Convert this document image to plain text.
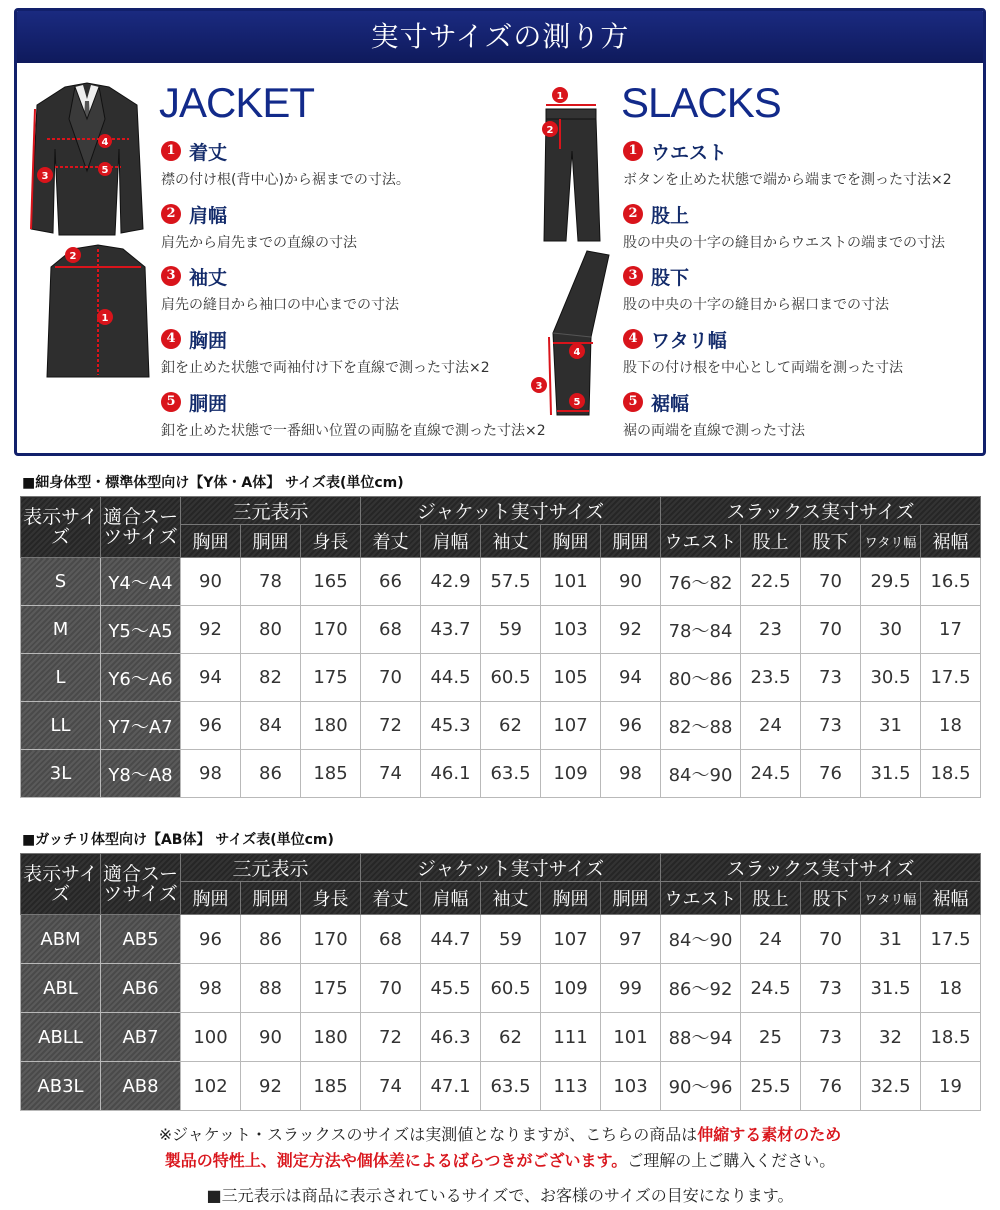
実寸サイズの測り方
4
5
3
2
1
JACKET
1 着丈
襟の付け根(背中心)から裾までの寸法。
2 肩幅
肩先から肩先までの直線の寸法
3 袖丈
肩先の縫目から袖口の中心までの寸法
4 胸囲
釦を止めた状態で両袖付け下を直線で測った寸法×2
5 胴囲
釦を止めた状態で一番細い位置の両脇を直線で測った寸法×2
1
2
4
3
5
SLACKS
1 ウエスト
ボタンを止めた状態で端から端までを測った寸法×2
2 股上
股の中央の十字の縫目からウエストの端までの寸法
3 股下
股の中央の十字の縫目から裾口までの寸法
4 ワタリ幅
股下の付け根を中心として両端を測った寸法
5 裾幅
裾の両端を直線で測った寸法
■細身体型・標準体型向け【Y体・A体】 サイズ表(単位cm)
表示サイズ	適合スーツサイズ	三元表示			ジャケット実寸サイズ					スラックス実寸サイズ				
		胸囲	胴囲	身長	着丈	肩幅	袖丈	胸囲	胴囲	ウエスト	股上	股下	ワタリ幅	裾幅
S	Y4〜A4	90	78	165	66	42.9	57.5	101	90	76〜82	22.5	70	29.5	16.5
M	Y5〜A5	92	80	170	68	43.7	59	103	92	78〜84	23	70	30	17
L	Y6〜A6	94	82	175	70	44.5	60.5	105	94	80〜86	23.5	73	30.5	17.5
LL	Y7〜A7	96	84	180	72	45.3	62	107	96	82〜88	24	73	31	18
3L	Y8〜A8	98	86	185	74	46.1	63.5	109	98	84〜90	24.5	76	31.5	18.5
■ガッチリ体型向け【AB体】 サイズ表(単位cm)
表示サイズ	適合スーツサイズ	三元表示			ジャケット実寸サイズ					スラックス実寸サイズ				
		胸囲	胴囲	身長	着丈	肩幅	袖丈	胸囲	胴囲	ウエスト	股上	股下	ワタリ幅	裾幅
ABM	AB5	96	86	170	68	44.7	59	107	97	84〜90	24	70	31	17.5
ABL	AB6	98	88	175	70	45.5	60.5	109	99	86〜92	24.5	73	31.5	18
ABLL	AB7	100	90	180	72	46.3	62	111	101	88〜94	25	73	32	18.5
AB3L	AB8	102	92	185	74	47.1	63.5	113	103	90〜96	25.5	76	32.5	19
※ジャケット・スラックスのサイズは実測値となりますが、こちらの商品は伸縮する素材のため
製品の特性上、測定方法や個体差によるばらつきがございます。ご理解の上ご購入ください。
■三元表示は商品に表示されているサイズで、お客様のサイズの目安になります。
